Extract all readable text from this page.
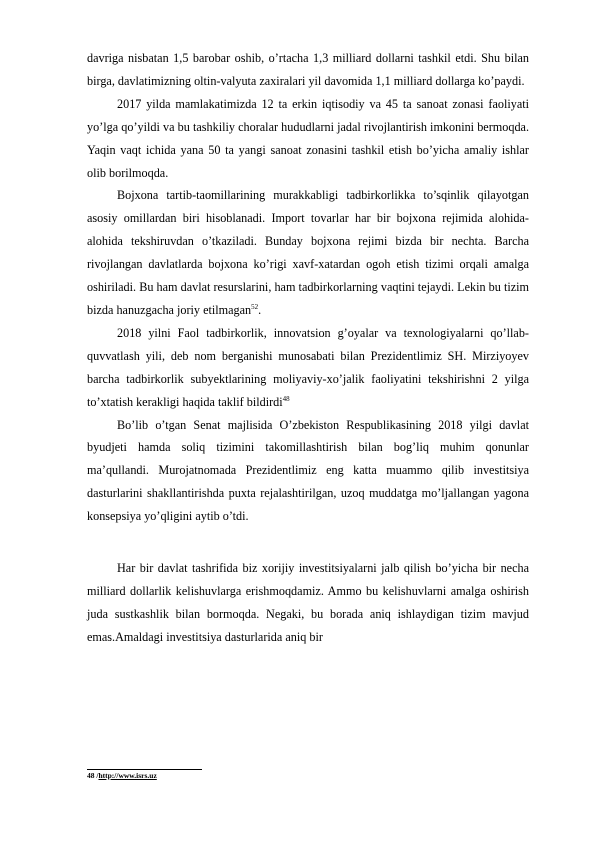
davriga nisbatan 1,5 barobar oshib, o’rtacha 1,3 milliard dollarni tashkil etdi. Shu bilan birga, davlatimizning oltin-valyuta zaxiralari yil davomida 1,1 milliard dollarga ko’paydi.

2017 yilda mamlakatimizda 12 ta erkin iqtisodiy va 45 ta sanoat zonasi faoliyati yo’lga qo’yildi va bu tashkiliy choralar hududlarni jadal rivojlantirish imkonini bermoqda. Yaqin vaqt ichida yana 50 ta yangi sanoat zonasini tashkil etish bo’yicha amaliy ishlar olib borilmoqda.

Bojxona tartib-taomillarining murakkabligi tadbirkorlikka to’sqinlik qilayotgan asosiy omillardan biri hisoblanadi. Import tovarlar har bir bojxona rejimida alohida-alohida tekshiruvdan o’tkaziladi. Bunday bojxona rejimi bizda bir nechta. Barcha rivojlangan davlatlarda bojxona ko’rigi xavf-xatardan ogoh etish tizimi orqali amalga oshiriladi. Bu ham davlat resurslarini, ham tadbirkorlarning vaqtini tejaydi. Lekin bu tizim bizda hanuzgacha joriy etilmagan$^{52}$.

2018 yilni Faol tadbirkorlik, innovatsion g’oyalar va texnologiyalarni qo’llab-quvvatlash yili, deb nom berganishi munosabati bilan Prezidentlimiz SH. Mirziyoyev barcha tadbirkorlik subyektlarining moliyaviy-xo’jalik faoliyatini tekshirishni 2 yilga to’xtatish kerakligi haqida taklif bildirdi$^{48}$

Bo’lib o’tgan Senat majlisida O’zbekiston Respublikasining 2018 yilgi davlat byudjeti hamda soliq tizimini takomillashtirish bilan bog’liq muhim qonunlar ma’qullandi. Murojatnomada Prezidentlimiz eng katta muammo qilib investitsiya dasturlarini shakllantirishda puxta rejalashtirilgan, uzoq muddatga mo’ljallangan yagona konsepsiya yo’qligini aytib o’tdi.

Har bir davlat tashrifida biz xorijiy investitsiyalarni jalb qilish bo’yicha bir necha milliard dollarlik kelishuvlarga erishmoqdamiz. Ammo bu kelishuvlarni amalga oshirish juda sustkashlik bilan bormoqda. Negaki, bu borada aniq ishlaydigan tizim mavjud emas.Amaldagi investitsiya dasturlarida aniq bir

48 /http://www.isrs.uz
